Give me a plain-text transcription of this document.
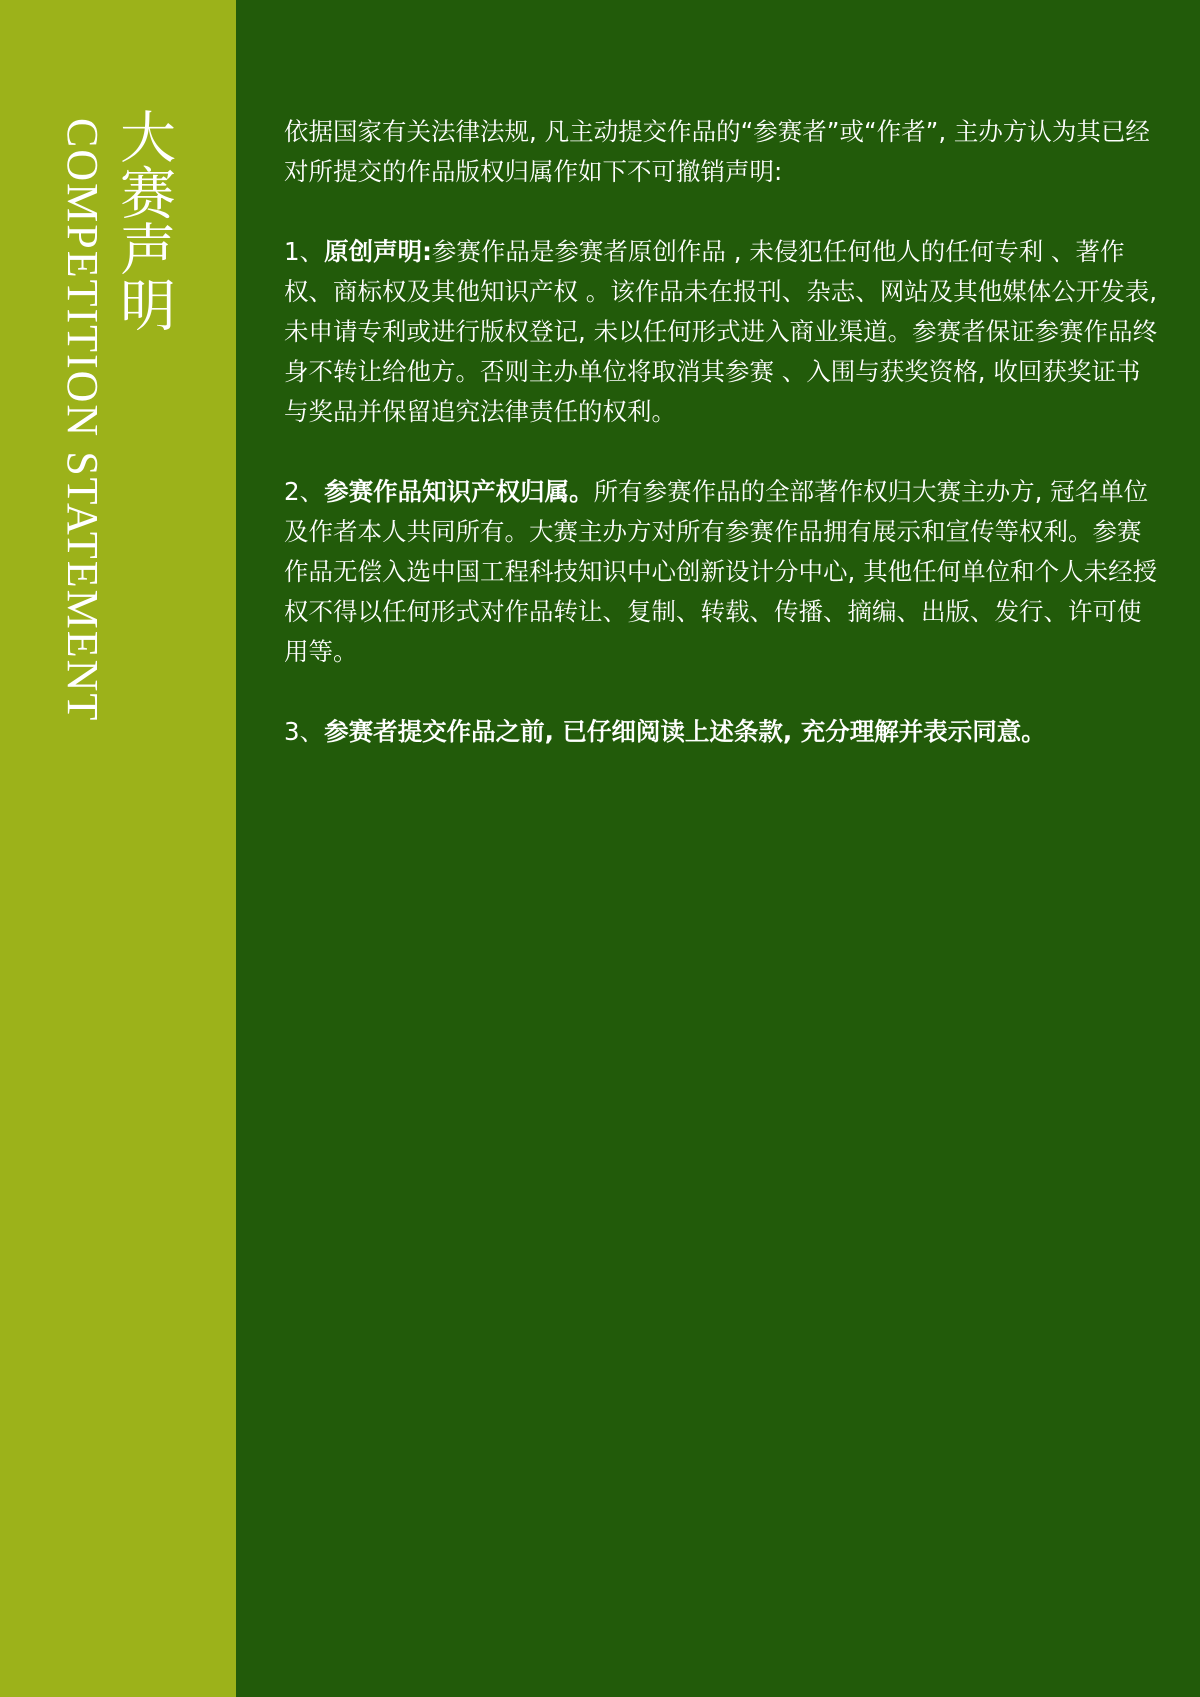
大赛声明
COMPETITION STATEMENT	依据国家有关法律法规, 凡主动提交作品的“参赛者”或“作者”, 主办方认为其已经对所提交的作品版权归属作如下不可撤销声明:

1、原创声明:参赛作品是参赛者原创作品 , 未侵犯任何他人的任何专利 、著作权、商标权及其他知识产权 。该作品未在报刊、杂志、网站及其他媒体公开发表, 未申请专利或进行版权登记, 未以任何形式进入商业渠道。参赛者保证参赛作品终身不转让给他方。否则主办单位将取消其参赛 、入围与获奖资格, 收回获奖证书与奖品并保留追究法律责任的权利。

2、参赛作品知识产权归属。所有参赛作品的全部著作权归大赛主办方, 冠名单位及作者本人共同所有。大赛主办方对所有参赛作品拥有展示和宣传等权利。参赛作品无偿入选中国工程科技知识中心创新设计分中心, 其他任何单位和个人未经授权不得以任何形式对作品转让、复制、转载、传播、摘编、出版、发行、许可使用等。

3、参赛者提交作品之前, 已仔细阅读上述条款, 充分理解并表示同意。
